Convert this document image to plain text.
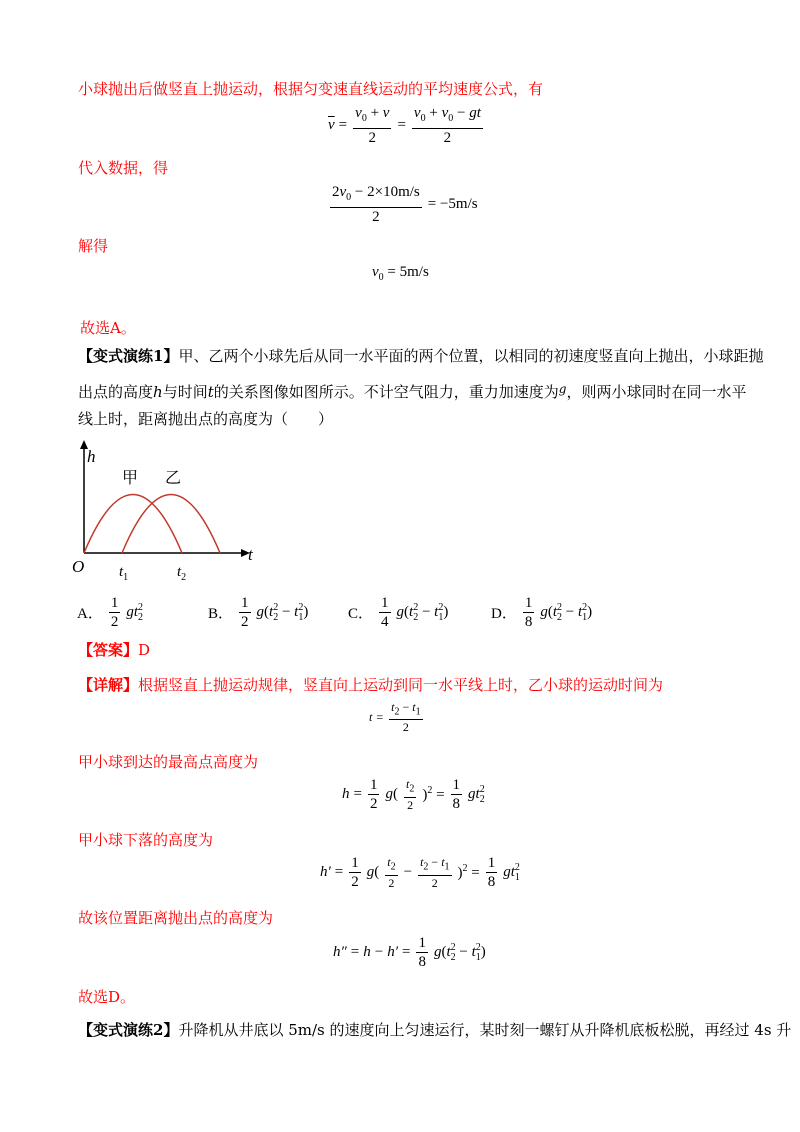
小球抛出后做竖直上抛运动，根据匀变速直线运动的平均速度公式，有
$\overline{v} = \frac{v_0 + v}{2} = \frac{v_0 + v_0 - gt}{2}$
代入数据，得
$\frac{2v_0 - 2\times 10m/s}{2} = -5m/s$
解得
$v_0 = 5m/s$
故选A。
【变式演练1】甲、乙两个小球先后从同一水平面的两个位置，以相同的初速度竖直向上抛出，小球距抛
出点的高度h与时间t的关系图像如图所示。不计空气阻力，重力加速度为$^g$，则两小球同时在同一水平
线上时，距离抛出点的高度为（　　）
h
t
O $t_1$	$t_2$
甲 乙
A． $\frac{1}{2} gt_2^2$	B． $\frac{1}{2} g(t_2^2 - t_1^2)$	C． $\frac{1}{4} g(t_2^2 - t_1^2)$	D． $\frac{1}{8} g(t_2^2 - t_1^2)$
【答案】D
【详解】根据竖直上抛运动规律，竖直向上运动到同一水平线上时，乙小球的运动时间为
$t = \frac{t_2 - t_1}{2}$
甲小球到达的最高点高度为
$h = \frac{1}{2} g( \frac{t_2}{2} )^2 = \frac{1}{8} gt_2^2$
甲小球下落的高度为
$h' = \frac{1}{2} g( \frac{t_2}{2} - \frac{t_2 - t_1}{2} )^2 = \frac{1}{8} gt_1^2$
故该位置距离抛出点的高度为
$h'' = h - h' = \frac{1}{8} g(t_2^2 - t_1^2)$
故选D。
【变式演练2】升降机从井底以 5m/s 的速度向上匀速运行，某时刻一螺钉从升降机底板松脱，再经过 4s 升
